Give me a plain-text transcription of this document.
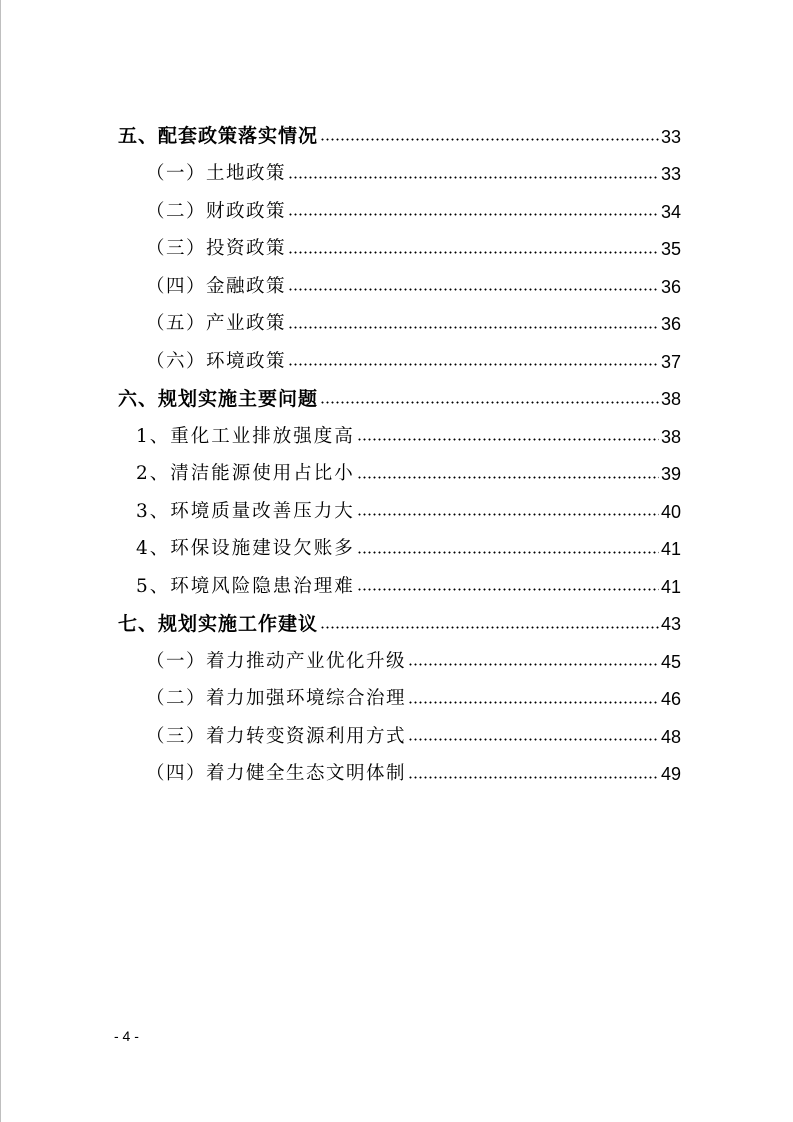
五、配套政策落实情况	33
（一）土地政策	33
（二）财政政策	34
（三）投资政策	35
（四）金融政策	36
（五）产业政策	36
（六）环境政策	37
六、规划实施主要问题	38
1、重化工业排放强度高	38
2、清洁能源使用占比小	39
3、环境质量改善压力大	40
4、环保设施建设欠账多	41
5、环境风险隐患治理难	41
七、规划实施工作建议	43
（一）着力推动产业优化升级	45
（二）着力加强环境综合治理	46
（三）着力转变资源利用方式	48
（四）着力健全生态文明体制	49
- 4 -
